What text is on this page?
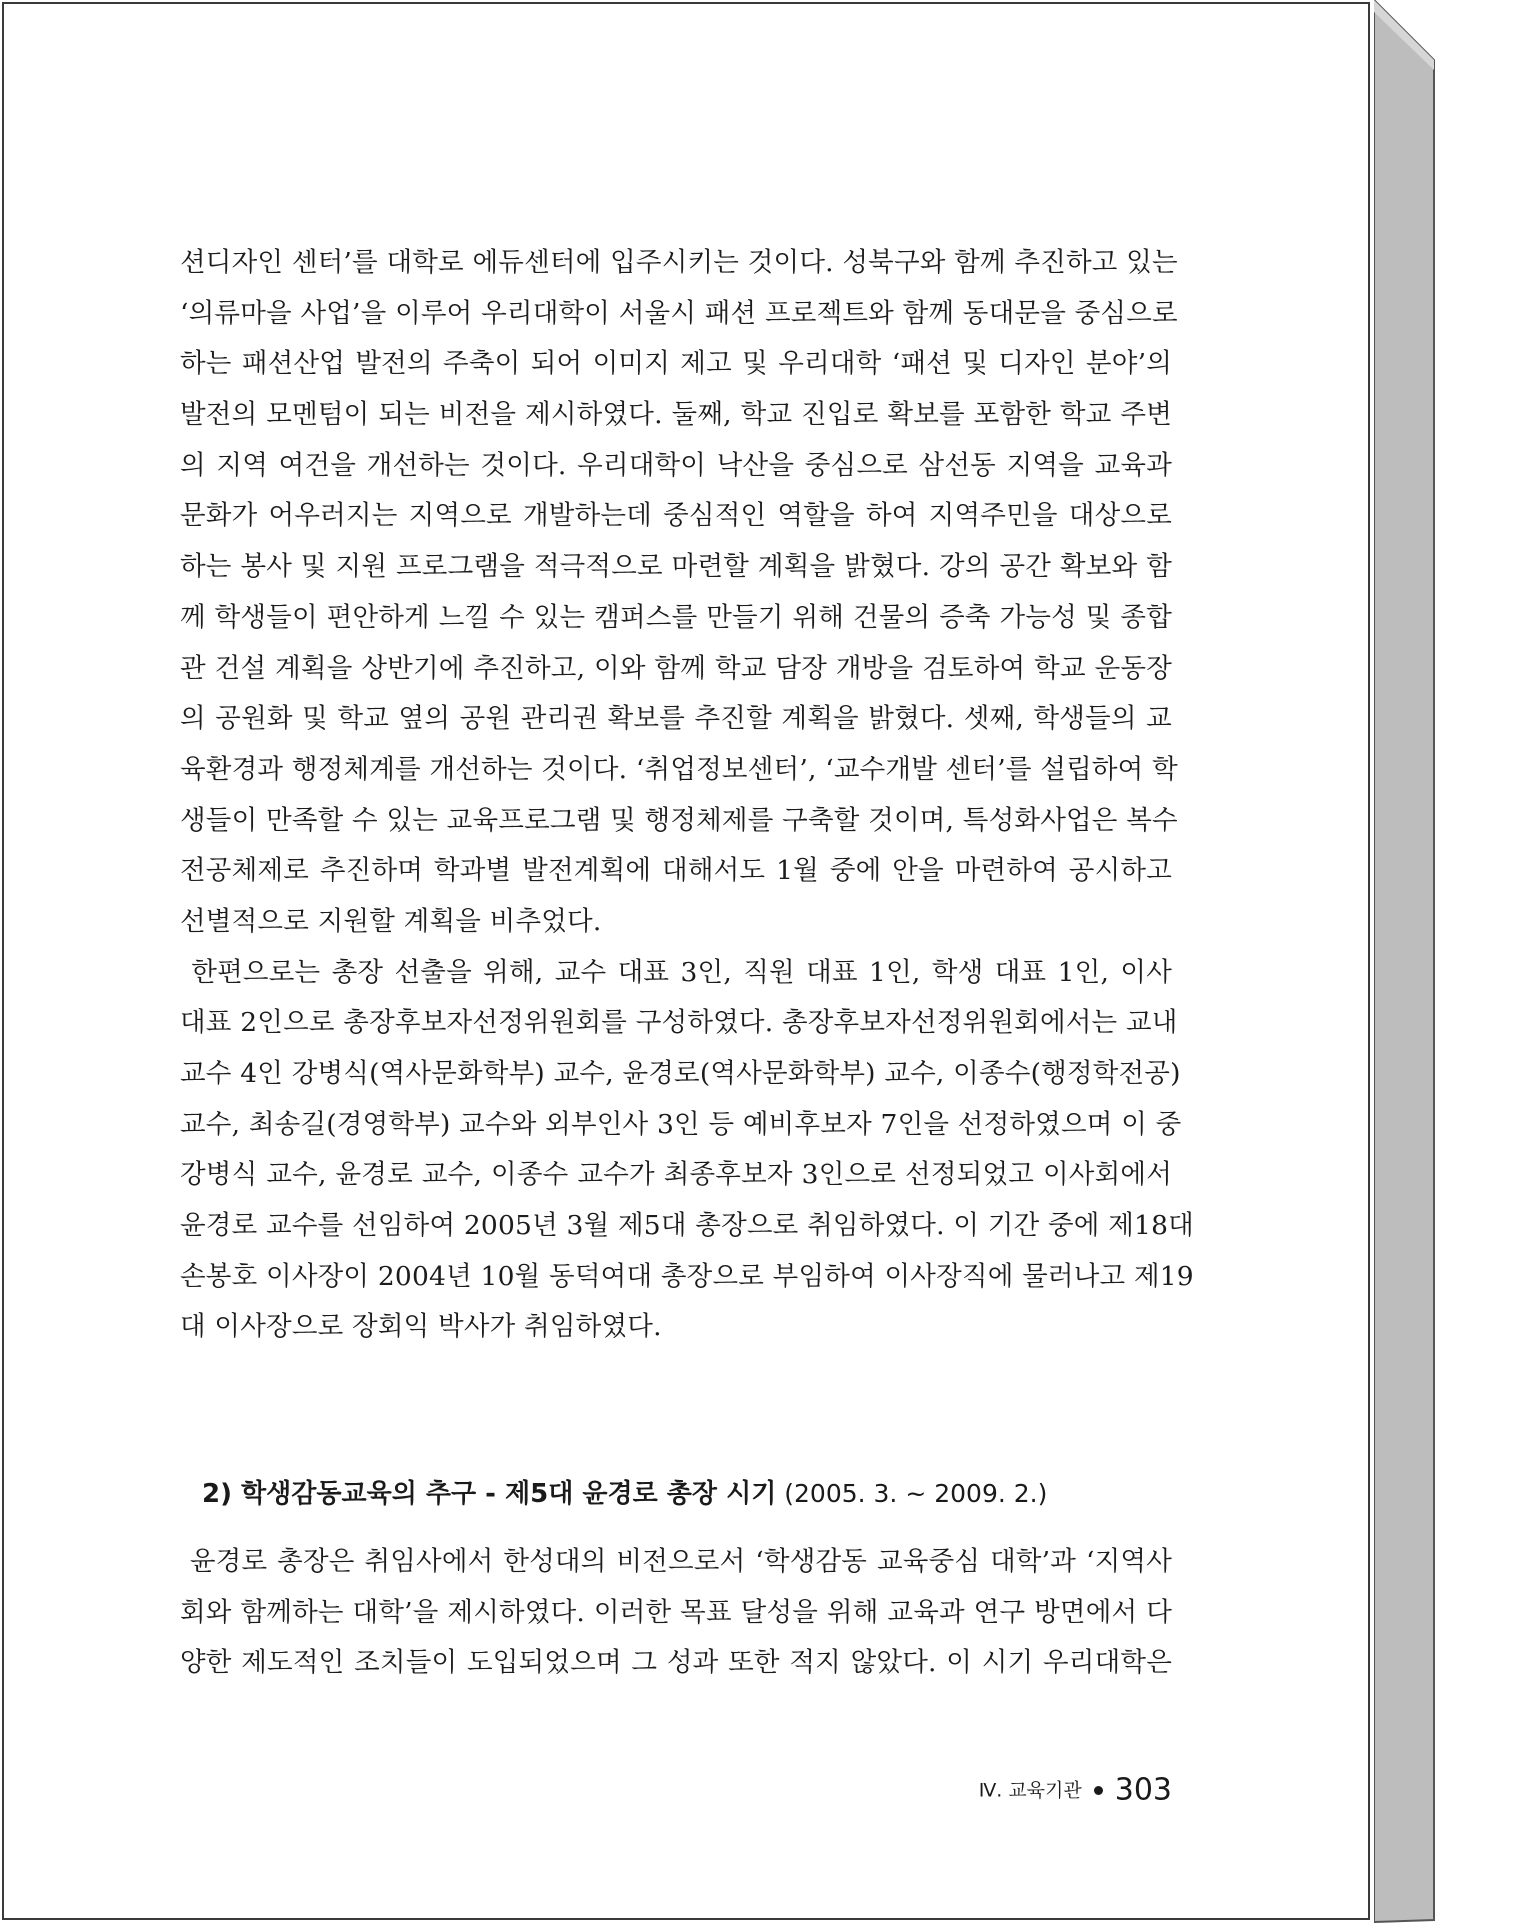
션디자인 센터’를 대학로 에듀센터에 입주시키는 것이다. 성북구와 함께 추진하고 있는
‘의류마을 사업’을 이루어 우리대학이 서울시 패션 프로젝트와 함께 동대문을 중심으로
하는 패션산업 발전의 주축이 되어 이미지 제고 및 우리대학 ‘패션 및 디자인 분야’의
발전의 모멘텀이 되는 비전을 제시하였다. 둘째, 학교 진입로 확보를 포함한 학교 주변
의 지역 여건을 개선하는 것이다. 우리대학이 낙산을 중심으로 삼선동 지역을 교육과
문화가 어우러지는 지역으로 개발하는데 중심적인 역할을 하여 지역주민을 대상으로
하는 봉사 및 지원 프로그램을 적극적으로 마련할 계획을 밝혔다. 강의 공간 확보와 함
께 학생들이 편안하게 느낄 수 있는 캠퍼스를 만들기 위해 건물의 증축 가능성 및 종합
관 건설 계획을 상반기에 추진하고, 이와 함께 학교 담장 개방을 검토하여 학교 운동장
의 공원화 및 학교 옆의 공원 관리권 확보를 추진할 계획을 밝혔다. 셋째, 학생들의 교
육환경과 행정체계를 개선하는 것이다. ‘취업정보센터’, ‘교수개발 센터’를 설립하여 학
생들이 만족할 수 있는 교육프로그램 및 행정체제를 구축할 것이며, 특성화사업은 복수
전공체제로 추진하며 학과별 발전계획에 대해서도 1월 중에 안을 마련하여 공시하고
선별적으로 지원할 계획을 비추었다.
한편으로는 총장 선출을 위해, 교수 대표 3인, 직원 대표 1인, 학생 대표 1인, 이사
대표 2인으로 총장후보자선정위원회를 구성하였다. 총장후보자선정위원회에서는 교내
교수 4인 강병식(역사문화학부) 교수, 윤경로(역사문화학부) 교수, 이종수(행정학전공)
교수, 최송길(경영학부) 교수와 외부인사 3인 등 예비후보자 7인을 선정하였으며 이 중
강병식 교수, 윤경로 교수, 이종수 교수가 최종후보자 3인으로 선정되었고 이사회에서
윤경로 교수를 선임하여 2005년 3월 제5대 총장으로 취임하였다. 이 기간 중에 제18대
손봉호 이사장이 2004년 10월 동덕여대 총장으로 부임하여 이사장직에 물러나고 제19
대 이사장으로 장회익 박사가 취임하였다.
2) 학생감동교육의 추구 - 제5대 윤경로 총장 시기 (2005. 3. ~ 2009. 2.)
윤경로 총장은 취임사에서 한성대의 비전으로서 ‘학생감동 교육중심 대학’과 ‘지역사
회와 함께하는 대학’을 제시하였다. 이러한 목표 달성을 위해 교육과 연구 방면에서 다
양한 제도적인 조치들이 도입되었으며 그 성과 또한 적지 않았다. 이 시기 우리대학은
Ⅳ. 교육기관 303
